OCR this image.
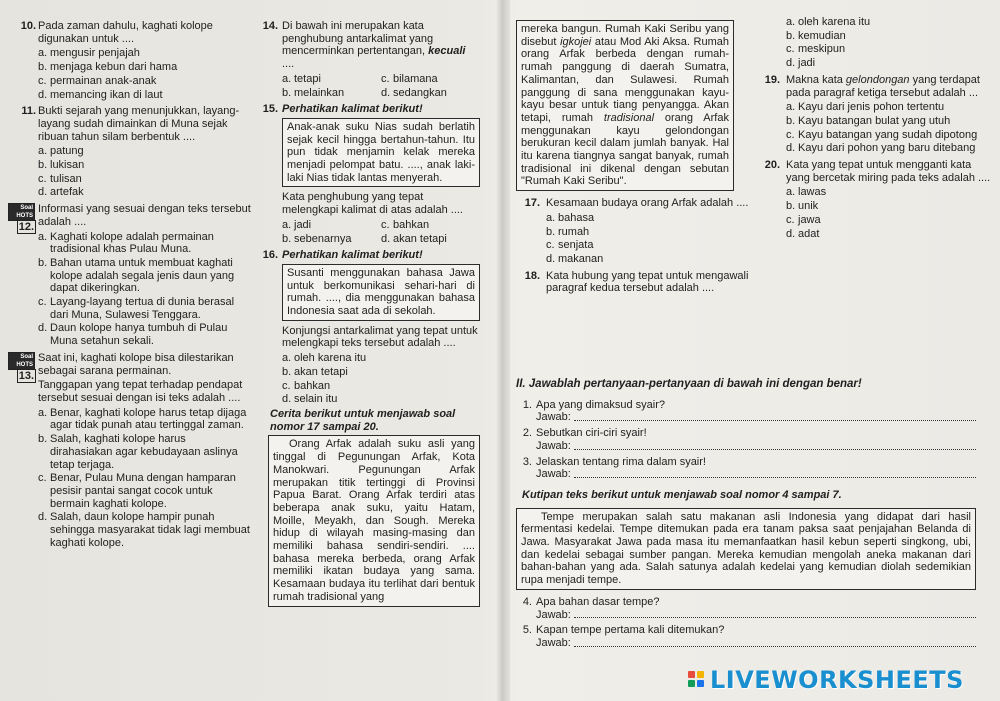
10. Pada zaman dahulu, kaghati kolope digunakan untuk ....
a. mengusir penjajah
b. menjaga kebun dari hama
c. permainan anak-anak
d. memancing ikan di laut
11. Bukti sejarah yang menunjukkan, layang-layang sudah dimainkan di Muna sejak ribuan tahun silam berbentuk ....
a. patung
b. lukisan
c. tulisan
d. artefak
Soal HOTS12.
Informasi yang sesuai dengan teks tersebut adalah ....
a. Kaghati kolope adalah permainan tradisional khas Pulau Muna.
b. Bahan utama untuk membuat kaghati kolope adalah segala jenis daun yang dapat dikeringkan.
c. Layang-layang tertua di dunia berasal dari Muna, Sulawesi Tenggara.
d. Daun kolope hanya tumbuh di Pulau Muna setahun sekali.
Soal HOTS13.
Saat ini, kaghati kolope bisa dilestarikan sebagai sarana permainan.
Tanggapan yang tepat terhadap pendapat tersebut sesuai dengan isi teks adalah ....
a. Benar, kaghati kolope harus tetap dijaga agar tidak punah atau tertinggal zaman.
b. Salah, kaghati kolope harus dirahasiakan agar kebudayaan aslinya tetap terjaga.
c. Benar, Pulau Muna dengan hamparan pesisir pantai sangat cocok untuk bermain kaghati kolope.
d. Salah, daun kolope hampir punah sehingga masyarakat tidak lagi membuat kaghati kolope.
14. Di bawah ini merupakan kata penghubung antarkalimat yang mencerminkan pertentangan, kecuali ....
a. tetapi	c. bilamana
b. melainkan	d. sedangkan
15. Perhatikan kalimat berikut!
Anak-anak suku Nias sudah berlatih sejak kecil hingga bertahun-tahun. Itu pun tidak menjamin kelak mereka menjadi pelompat batu. ...., anak laki-laki Nias tidak lantas menyerah.
Kata penghubung yang tepat melengkapi kalimat di atas adalah ....
a. jadi	c. bahkan
b. sebenarnya	d. akan tetapi
16. Perhatikan kalimat berikut!
Susanti menggunakan bahasa Jawa untuk berkomunikasi sehari-hari di rumah. ...., dia menggunakan bahasa Indonesia saat ada di sekolah.
Konjungsi antarkalimat yang tepat untuk melengkapi teks tersebut adalah ....
a. oleh karena itu
b. akan tetapi
c. bahkan
d. selain itu
Cerita berikut untuk menjawab soal nomor 17 sampai 20.
Orang Arfak adalah suku asli yang tinggal di Pegunungan Arfak, Kota Manokwari. Pegunungan Arfak merupakan titik tertinggi di Provinsi Papua Barat. Orang Arfak terdiri atas beberapa anak suku, yaitu Hatam, Moille, Meyakh, dan Sough. Mereka hidup di wilayah masing-masing dan memiliki bahasa sendiri-sendiri. .... bahasa mereka berbeda, orang Arfak memiliki ikatan budaya yang sama. Kesamaan budaya itu terlihat dari bentuk rumah tradisional yang
mereka bangun. Rumah Kaki Seribu yang disebut igkojei atau Mod Aki Aksa. Rumah orang Arfak berbeda dengan rumah-rumah panggung di daerah Sumatra, Kalimantan, dan Sulawesi. Rumah panggung di sana menggunakan kayu-kayu besar untuk tiang penyangga. Akan tetapi, rumah tradisional orang Arfak menggunakan kayu gelondongan berukuran kecil dalam jumlah banyak. Hal itu karena tiangnya sangat banyak, rumah tradisional ini dikenal dengan sebutan "Rumah Kaki Seribu".
17. Kesamaan budaya orang Arfak adalah ....
a. bahasa
b. rumah
c. senjata
d. makanan
18. Kata hubung yang tepat untuk mengawali paragraf kedua tersebut adalah ....
a. oleh karena itu
b. kemudian
c. meskipun
d. jadi
19. Makna kata gelondongan yang terdapat pada paragraf ketiga tersebut adalah ...
a. Kayu dari jenis pohon tertentu
b. Kayu batangan bulat yang utuh
c. Kayu batangan yang sudah dipotong
d. Kayu dari pohon yang baru ditebang
20. Kata yang tepat untuk mengganti kata yang bercetak miring pada teks adalah ....
a. lawas
b. unik
c. jawa
d. adat
II. Jawablah pertanyaan-pertanyaan di bawah ini dengan benar!
1. Apa yang dimaksud syair?
Jawab:
2. Sebutkan ciri-ciri syair!
Jawab:
3. Jelaskan tentang rima dalam syair!
Jawab:
Kutipan teks berikut untuk menjawab soal nomor 4 sampai 7.
Tempe merupakan salah satu makanan asli Indonesia yang didapat dari hasil fermentasi kedelai. Tempe ditemukan pada era tanam paksa saat penjajahan Belanda di Jawa. Masyarakat Jawa pada masa itu memanfaatkan hasil kebun seperti singkong, ubi, dan kedelai sebagai sumber pangan. Mereka kemudian mengolah aneka makanan dari bahan-bahan yang ada. Salah satunya adalah kedelai yang kemudian diolah sedemikian rupa menjadi tempe.
4. Apa bahan dasar tempe?
Jawab:
5. Kapan tempe pertama kali ditemukan?
Jawab:
LIVEWORKSHEETS
